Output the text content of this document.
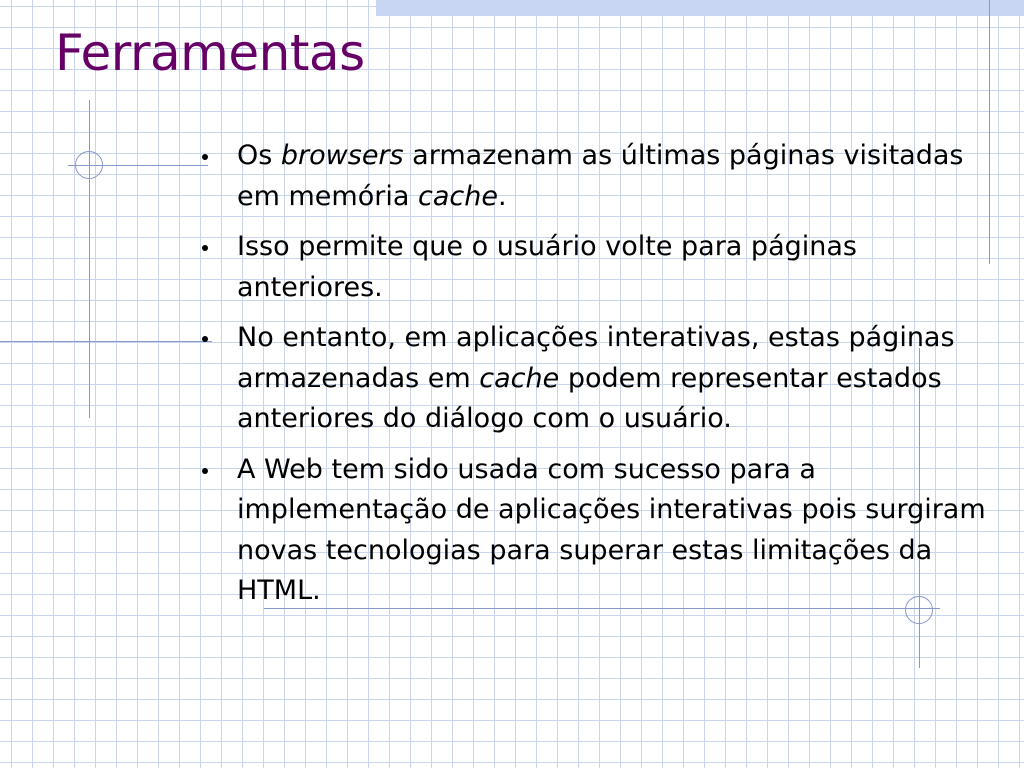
Ferramentas
Os browsers armazenam as últimas páginas visitadas em memória cache.
Isso permite que o usuário volte para páginas anteriores.
No entanto, em aplicações interativas, estas páginas armazenadas em cache podem representar estados anteriores do diálogo com o usuário.
A Web tem sido usada com sucesso para a implementação de aplicações interativas pois surgiram novas tecnologias para superar estas limitações da HTML.
